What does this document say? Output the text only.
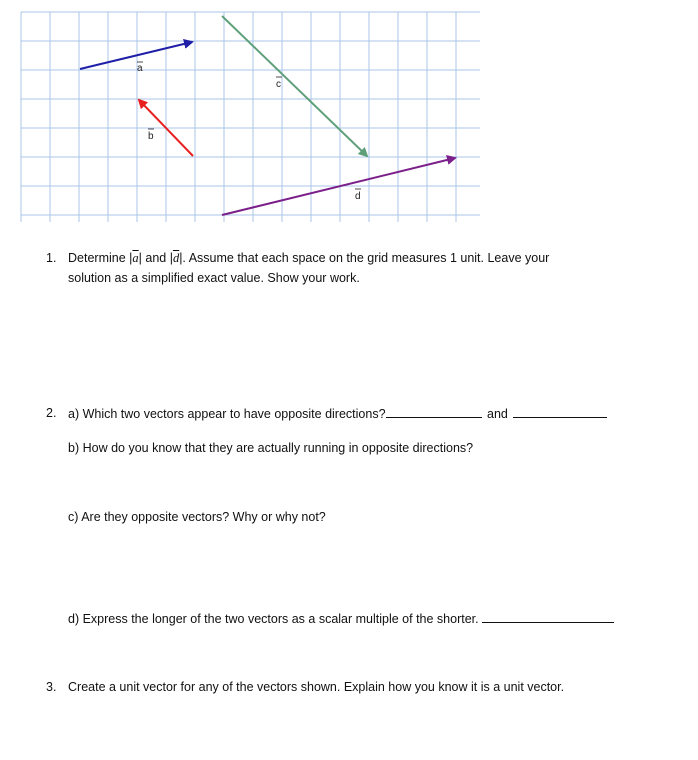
a
b
c
d
1. Determine $|\overline{a}|$ and $|\overline{d}|$. Assume that each space on the grid measures 1 unit. Leave your
solution as a simplified exact value. Show your work.
2. a) Which two vectors appear to have opposite directions?	and
b) How do you know that they are actually running in opposite directions?
c) Are they opposite vectors? Why or why not?
d) Express the longer of the two vectors as a scalar multiple of the shorter.
3. Create a unit vector for any of the vectors shown. Explain how you know it is a unit vector.
